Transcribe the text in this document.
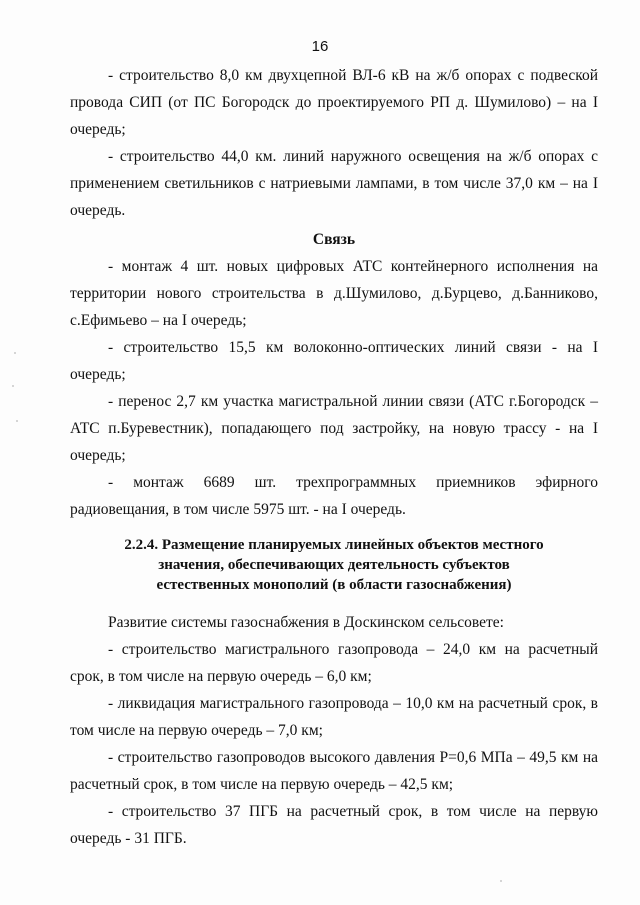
16

- строительство 8,0 км двухцепной ВЛ-6 кВ на ж/б опорах с подвеской провода СИП (от ПС Богородск до проектируемого РП д. Шумилово) – на I очередь;

- строительство 44,0 км. линий наружного освещения на ж/б опорах с применением светильников с натриевыми лампами, в том числе 37,0 км – на I очередь.

Связь

- монтаж 4 шт. новых цифровых АТС контейнерного исполнения на территории нового строительства в д.Шумилово, д.Бурцево, д.Банниково, с.Ефимьево – на I очередь;

- строительство 15,5 км волоконно-оптических линий связи - на I очередь;

- перенос 2,7 км участка магистральной линии связи (АТС г.Богородск – АТС п.Буревестник), попадающего под застройку, на новую трассу - на I очередь;

- монтаж 6689 шт. трехпрограммных приемников эфирного радиовещания, в том числе 5975 шт. - на I очередь.

2.2.4. Размещение планируемых линейных объектов местного значения, обеспечивающих деятельность субъектов естественных монополий (в области газоснабжения)

Развитие системы газоснабжения в Доскинском сельсовете:

- строительство магистрального газопровода – 24,0 км на расчетный срок, в том числе на первую очередь – 6,0 км;

- ликвидация магистрального газопровода – 10,0 км на расчетный срок, в том числе на первую очередь – 7,0 км;

- строительство газопроводов высокого давления Р=0,6 МПа – 49,5 км на расчетный срок, в том числе на первую очередь – 42,5 км;

- строительство 37 ПГБ на расчетный срок, в том числе на первую очередь - 31 ПГБ.
